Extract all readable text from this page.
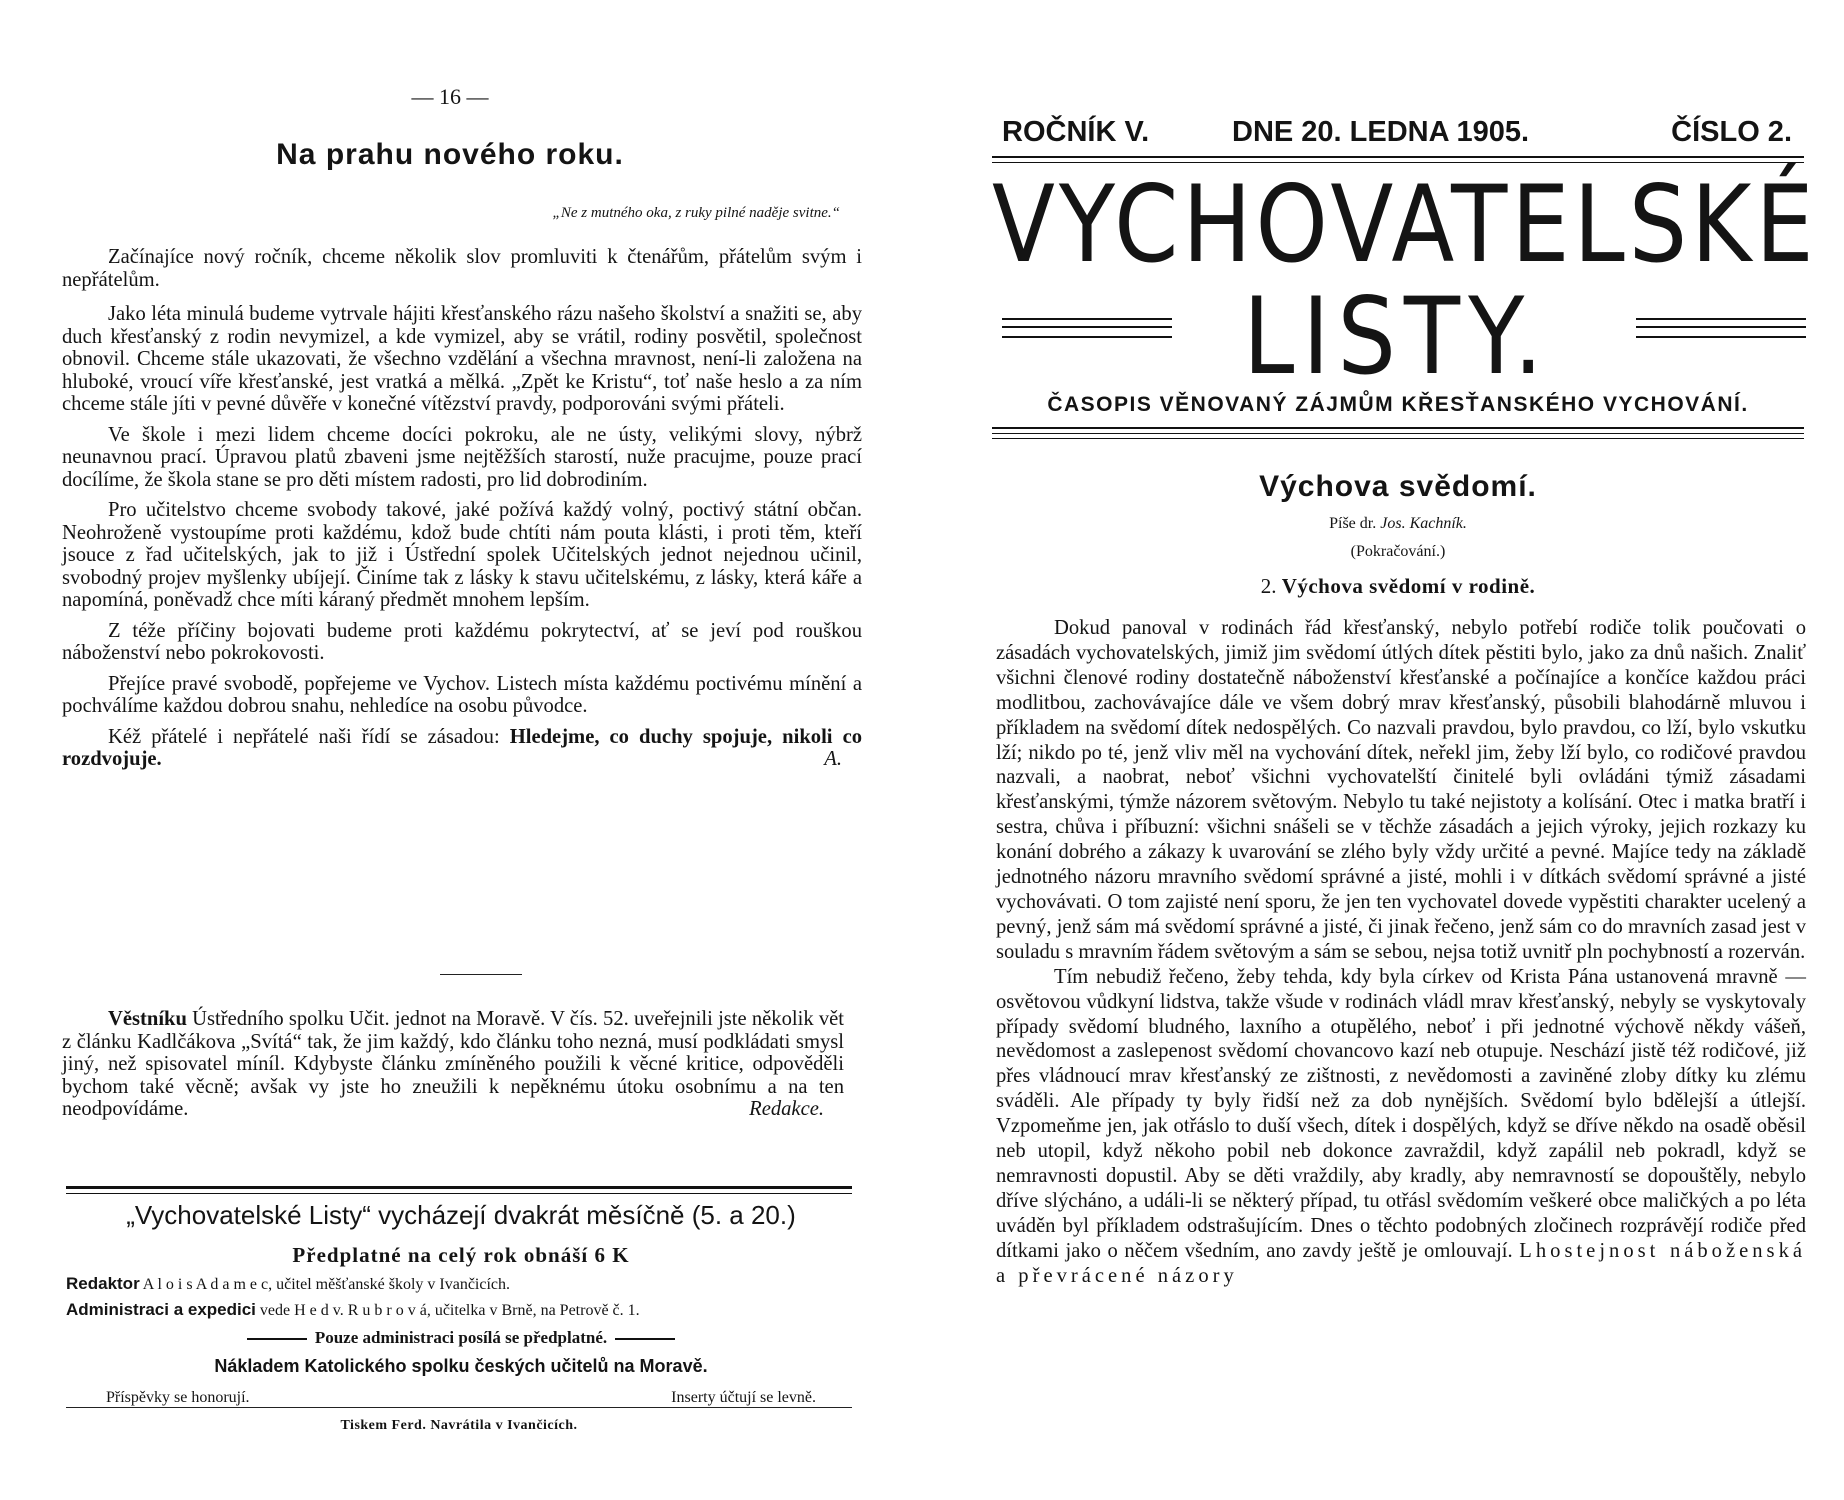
— 16 —
Na prahu nového roku.
„Ne z mutného oka, z ruky pilné naděje svitne.“

Začínajíce nový ročník, chceme několik slov promluviti k čtenářům, přátelům svým i nepřátelům.

Jako léta minulá budeme vytrvale hájiti křesťanského rázu našeho školství a snažiti se, aby duch křesťanský z rodin nevymizel, a kde vymizel, aby se vrátil, rodiny posvětil, společnost obnovil. Chceme stále ukazovati, že všechno vzdělání a všechna mravnost, není-li založena na hluboké, vroucí víře křesťanské, jest vratká a mělká. „Zpět ke Kristu“, toť naše heslo a za ním chceme stále jíti v pevné důvěře v konečné vítězství pravdy, podporováni svými přáteli.

Ve škole i mezi lidem chceme docíci pokroku, ale ne ústy, velikými slovy, nýbrž neunavnou prací. Úpravou platů zbaveni jsme nejtěžších starostí, nuže pracujme, pouze prací docílíme, že škola stane se pro děti místem radosti, pro lid dobrodiním.

Pro učitelstvo chceme svobody takové, jaké požívá každý volný, poctivý státní občan. Neohroženě vystoupíme proti každému, kdož bude chtíti nám pouta klásti, i proti těm, kteří jsouce z řad učitelských, jak to již i Ústřední spolek Učitelských jednot nejednou učinil, svobodný projev myšlenky ubíjejí. Činíme tak z lásky k stavu učitelskému, z lásky, která káře a napomíná, poněvadž chce míti káraný předmět mnohem lepším.

Z téže příčiny bojovati budeme proti každému pokrytectví, ať se jeví pod rouškou náboženství nebo pokrokovosti.

Přejíce pravé svobodě, popřejeme ve Vychov. Listech místa každému poctivému mínění a pochválíme každou dobrou snahu, nehledíce na osobu původce.

Kéž přátelé i nepřátelé naši řídí se zásadou: Hledejme, co duchy spojuje, nikoli co rozdvojuje.	A.

Věstníku Ústředního spolku Učit. jednot na Moravě. V čís. 52. uveřejnili jste několik vět z článku Kadlčákova „Svítá“ tak, že jim každý, kdo článku toho nezná, musí podkládati smysl jiný, než spisovatel míníl. Kdybyste článku zmíněného použili k věcné kritice, odpověděli bychom také věcně; avšak vy jste ho zneužili k nepěknému útoku osobnímu a na ten neodpovídáme.	Redakce.

„Vychovatelské Listy“ vycházejí dvakrát měsíčně (5. a 20.)
Předplatné na celý rok obnáší 6 K
Redaktor A l o i s A d a m e c, učitel měšťanské školy v Ivančicích.
Administraci a expedici vede H e d v. R u b r o v á, učitelka v Brně, na Petrově č. 1.
Pouze administraci posílá se předplatné.
Nákladem Katolického spolku českých učitelů na Moravě.
Příspěvky se honorují.	Inserty účtují se levně.
Tiskem Ferd. Navrátila v Ivančicích.
ROČNÍK V.	DNE 20. LEDNA 1905.	ČÍSLO 2.
VYCHOVATELSKÉ
LISTY.
ČASOPIS VĚNOVANÝ ZÁJMŮM KŘESŤANSKÉHO VYCHOVÁNÍ.
Výchova svědomí.
Píše dr. Jos. Kachník.
(Pokračování.)
2. Výchova svědomí v rodině.

Dokud panoval v rodinách řád křesťanský, nebylo potřebí rodiče tolik poučovati o zásadách vychovatelských, jimiž jim svědomí útlých dítek pěstiti bylo, jako za dnů našich. Znaliť všichni členové rodiny dostatečně náboženství křesťanské a počínajíce a končíce každou práci modlitbou, zachovávajíce dále ve všem dobrý mrav křesťanský, působili blahodárně mluvou i příkladem na svědomí dítek nedospělých. Co nazvali pravdou, bylo pravdou, co lží, bylo vskutku lží; nikdo po té, jenž vliv měl na vychování dítek, neřekl jim, žeby lží bylo, co rodičové pravdou nazvali, a naobrat, neboť všichni vychovatelští činitelé byli ovládáni týmiž zásadami křesťanskými, týmže názorem světovým. Nebylo tu také nejistoty a kolísání. Otec i matka bratří i sestra, chůva i příbuzní: všichni snášeli se v těchže zásadách a jejich výroky, jejich rozkazy ku konání dobrého a zákazy k uvarování se zlého byly vždy určité a pevné. Majíce tedy na základě jednotného názoru mravního svědomí správné a jisté, mohli i v dítkách svědomí správné a jisté vychovávati. O tom zajisté není sporu, že jen ten vychovatel dovede vypěstiti charakter ucelený a pevný, jenž sám má svědomí správné a jisté, či jinak řečeno, jenž sám co do mravních zasad jest v souladu s mravním řádem světovým a sám se sebou, nejsa totiž uvnitř pln pochybností a rozerván.

Tím nebudiž řečeno, žeby tehda, kdy byla církev od Krista Pána ustanovená mravně — osvětovou vůdkyní lidstva, takže všude v rodinách vládl mrav křesťanský, nebyly se vyskytovaly případy svědomí bludného, laxního a otupělého, neboť i při jednotné výchově někdy vášeň, nevědomost a zaslepenost svědomí chovancovo kazí neb otupuje. Neschází jistě též rodičové, již přes vládnoucí mrav křesťanský ze zištnosti, z nevědomosti a zaviněné zloby dítky ku zlému sváděli. Ale případy ty byly řidší než za dob nynějších. Svědomí bylo bdělejší a útlejší. Vzpomeňme jen, jak otřáslo to duší všech, dítek i dospělých, když se dříve někdo na osadě oběsil neb utopil, když někoho pobil neb dokonce zavraždil, když zapálil neb pokradl, když se nemravnosti dopustil. Aby se děti vraždily, aby kradly, aby nemravností se dopouštěly, nebylo dříve slýcháno, a událi-li se některý případ, tu otřásl svědomím veškeré obce maličkých a po léta uváděn byl příkladem odstrašujícím. Dnes o těchto podobných zločinech rozprávějí rodiče před dítkami jako o něčem všedním, ano zavdy ještě je omlouvají. Lhostejnost náboženská a převrácené názory
